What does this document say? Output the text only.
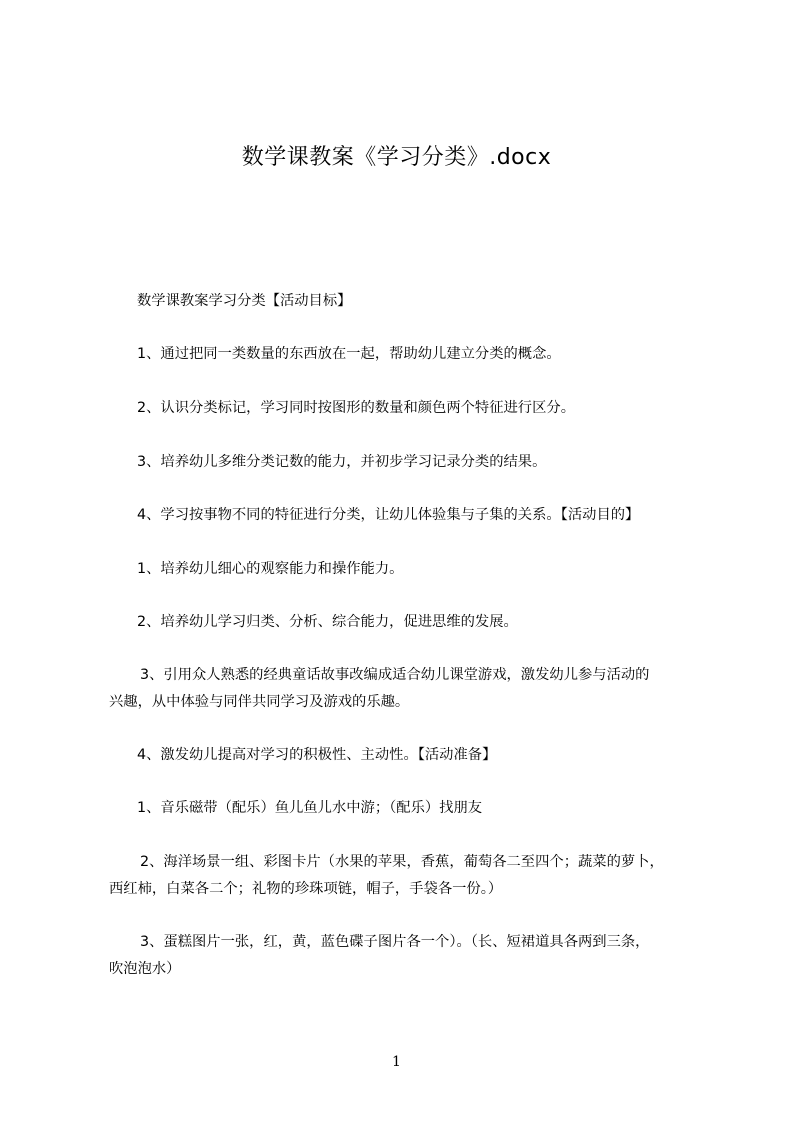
数学课教案《学习分类》.docx
数学课教案学习分类【活动目标】
1、通过把同一类数量的东西放在一起，帮助幼儿建立分类的概念。
2、认识分类标记，学习同时按图形的数量和颜色两个特征进行区分。
3、培养幼儿多维分类记数的能力，并初步学习记录分类的结果。
4、学习按事物不同的特征进行分类，让幼儿体验集与子集的关系。【活动目的】
1、培养幼儿细心的观察能力和操作能力。
2、培养幼儿学习归类、分析、综合能力，促进思维的发展。
3、引用众人熟悉的经典童话故事改编成适合幼儿课堂游戏，激发幼儿参与活动的
兴趣，从中体验与同伴共同学习及游戏的乐趣。
4、激发幼儿提高对学习的积极性、主动性。【活动准备】
1、音乐磁带（配乐）鱼儿鱼儿水中游；（配乐）找朋友
2、海洋场景一组、彩图卡片（水果的苹果，香蕉，葡萄各二至四个；蔬菜的萝卜，
西红柿，白菜各二个；礼物的珍珠项链，帽子，手袋各一份。）
3、蛋糕图片一张，红，黄，蓝色碟子图片各一个）。（长、短裙道具各两到三条，
吹泡泡水）
1
